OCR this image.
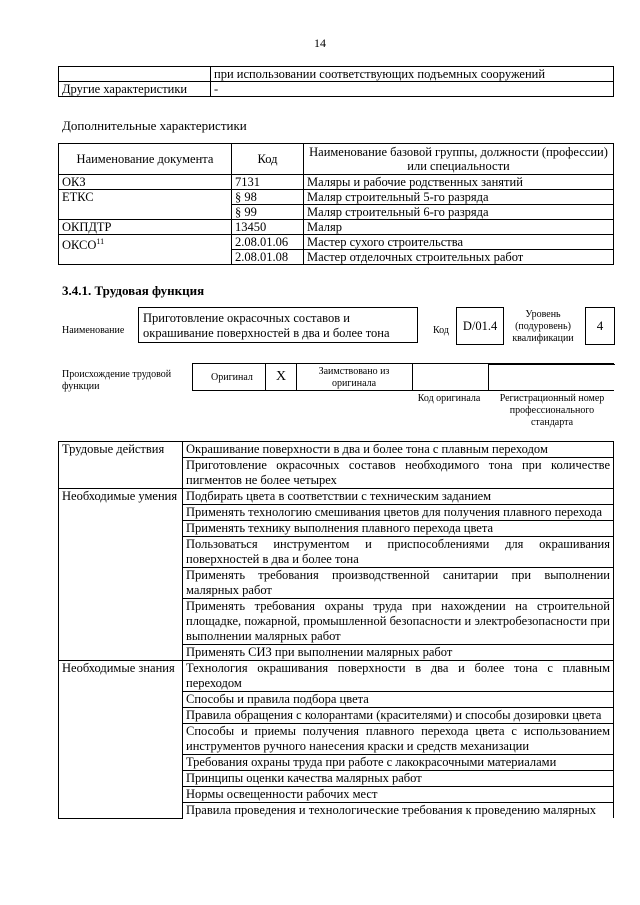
14
	при использовании соответствующих подъемных сооружений
Другие характеристики	-
Дополнительные характеристики
Наименование документа	Код	Наименование базовой группы, должности (профессии) или специальности
ОКЗ	7131	Маляры и рабочие родственных занятий
ЕТКС	§ 98	Маляр строительный 5-го разряда
	§ 99	Маляр строительный 6-го разряда
ОКПДТР	13450	Маляр
ОКСО$^{11}$	2.08.01.06	Мастер сухого строительства
	2.08.01.08	Мастер отделочных строительных работ
3.4.1. Трудовая функция
Наименование
Приготовление окрасочных составов и окрашивание поверхностей в два и более тона	Код	D/01.4
Уровень (подуровень) квалификации
4
Происхождение трудовой функции
Оригинал	X	Заимствовано из оригинала
Код оригинала	Регистрационный номер профессионального стандарта
Трудовые действия	Окрашивание поверхности в два и более тона с плавным переходом
	Приготовление окрасочных составов необходимого тона при количестве пигментов не более четырех
Необходимые умения	Подбирать цвета в соответствии с техническим заданием
	Применять технологию смешивания цветов для получения плавного перехода
	Применять технику выполнения плавного перехода цвета
	Пользоваться инструментом и приспособлениями для окрашивания поверхностей в два и более тона
	Применять требования производственной санитарии при выполнении малярных работ
	Применять требования охраны труда при нахождении на строительной площадке, пожарной, промышленной безопасности и электробезопасности при выполнении малярных работ
	Применять СИЗ при выполнении малярных работ
Необходимые знания	Технология окрашивания поверхности в два и более тона с плавным переходом
	Способы и правила подбора цвета
	Правила обращения с колорантами (красителями) и способы дозировки цвета
	Способы и приемы получения плавного перехода цвета с использованием инструментов ручного нанесения краски и средств механизации
	Требования охраны труда при работе с лакокрасочными материалами
	Принципы оценки качества малярных работ
	Нормы освещенности рабочих мест
	Правила проведения и технологические требования к проведению малярных
